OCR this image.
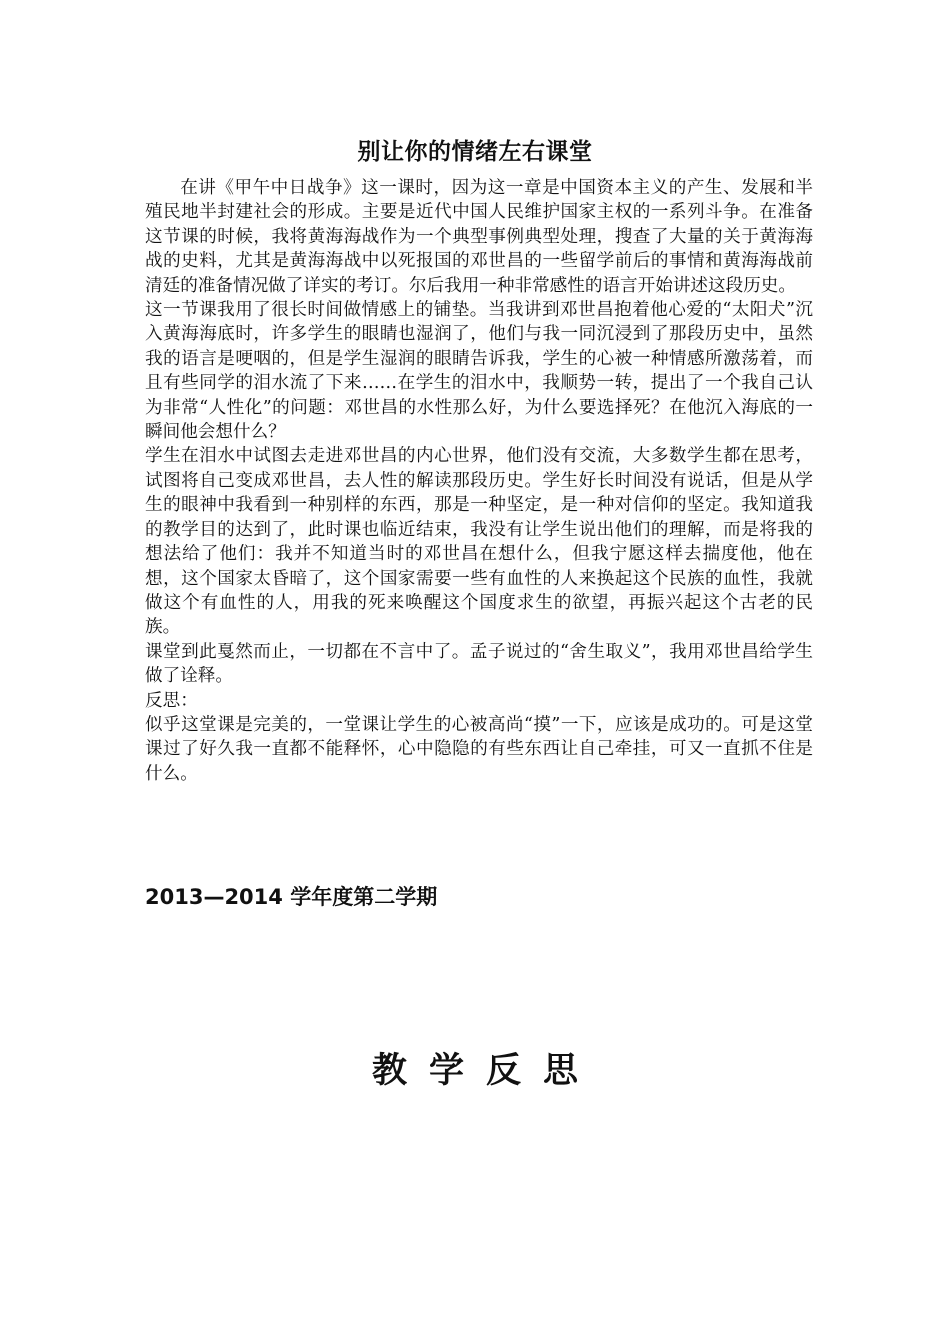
别让你的情绪左右课堂

在讲《甲午中日战争》这一课时，因为这一章是中国资本主义的产生、发展和半殖民地半封建社会的形成。主要是近代中国人民维护国家主权的一系列斗争。在准备这节课的时候，我将黄海海战作为一个典型事例典型处理，搜查了大量的关于黄海海战的史料，尤其是黄海海战中以死报国的邓世昌的一些留学前后的事情和黄海海战前清廷的准备情况做了详实的考订。尔后我用一种非常感性的语言开始讲述这段历史。

这一节课我用了很长时间做情感上的铺垫。当我讲到邓世昌抱着他心爱的“太阳犬”沉入黄海海底时，许多学生的眼睛也湿润了，他们与我一同沉浸到了那段历史中，虽然我的语言是哽咽的，但是学生湿润的眼睛告诉我，学生的心被一种情感所激荡着，而且有些同学的泪水流了下来……在学生的泪水中，我顺势一转，提出了一个我自己认为非常“人性化”的问题：邓世昌的水性那么好，为什么要选择死？在他沉入海底的一瞬间他会想什么？

学生在泪水中试图去走进邓世昌的内心世界，他们没有交流，大多数学生都在思考，试图将自己变成邓世昌，去人性的解读那段历史。学生好长时间没有说话，但是从学生的眼神中我看到一种别样的东西，那是一种坚定，是一种对信仰的坚定。我知道我的教学目的达到了，此时课也临近结束，我没有让学生说出他们的理解，而是将我的想法给了他们：我并不知道当时的邓世昌在想什么，但我宁愿这样去揣度他，他在想，这个国家太昏暗了，这个国家需要一些有血性的人来换起这个民族的血性，我就做这个有血性的人，用我的死来唤醒这个国度求生的欲望，再振兴起这个古老的民族。

课堂到此戛然而止，一切都在不言中了。孟子说过的“舍生取义”，我用邓世昌给学生做了诠释。

反思：

似乎这堂课是完美的，一堂课让学生的心被高尚“摸”一下，应该是成功的。可是这堂课过了好久我一直都不能释怀，心中隐隐的有些东西让自己牵挂，可又一直抓不住是什么。

2013—2014 学年度第二学期
教学反思
